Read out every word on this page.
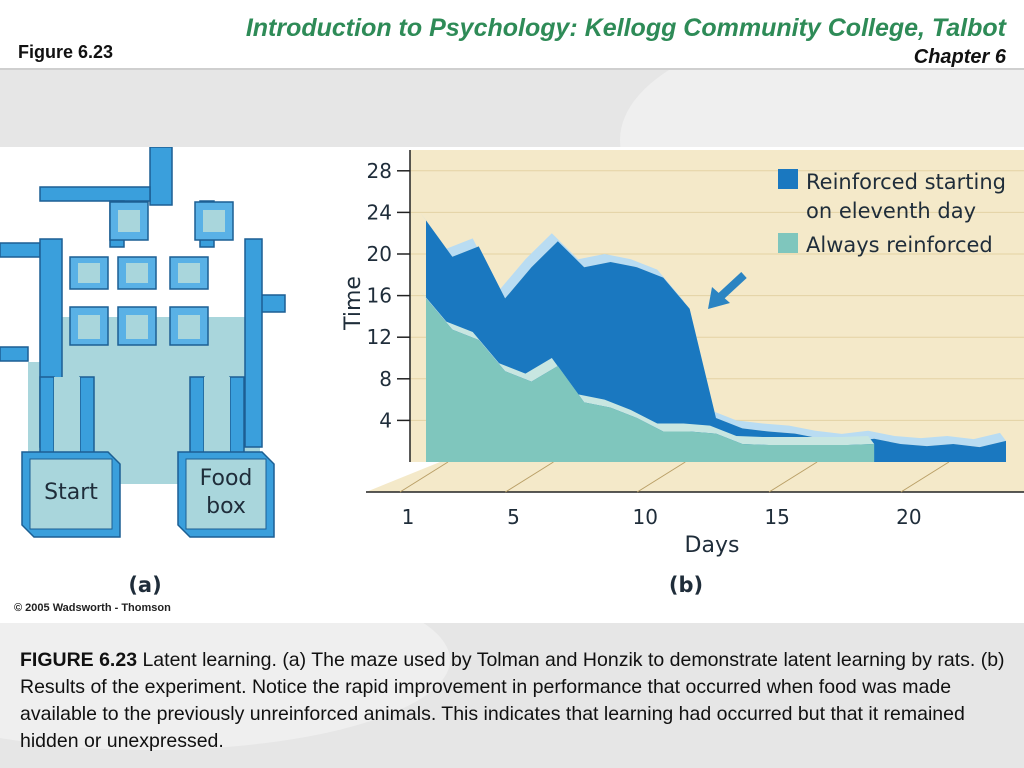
Figure 6.23
Introduction to Psychology: Kellogg Community College, Talbot
Chapter 6
Start
Food
box
(a)
4
8
12
16
20
24
28
1	5	10	15	20
Time
Days
Reinforced starting
on eleventh day
Always reinforced
(b)
© 2005 Wadsworth - Thomson
FIGURE 6.23 Latent learning. (a) The maze used by Tolman and Honzik to demonstrate latent learning by rats. (b) Results of the experiment. Notice the rapid improvement in performance that occurred when food was made available to the previously unreinforced animals. This indicates that learning had occurred but that it remained hidden or unexpressed.
